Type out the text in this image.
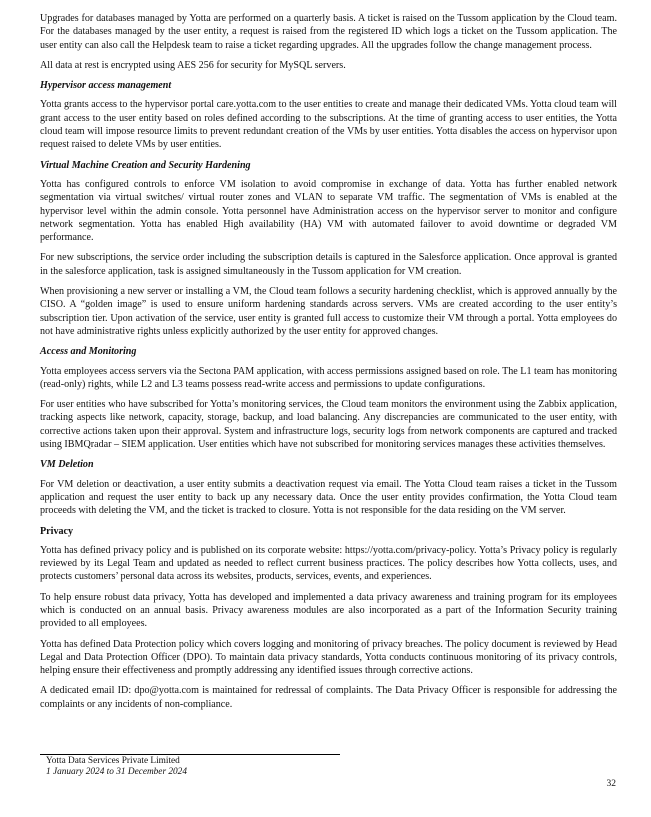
Upgrades for databases managed by Yotta are performed on a quarterly basis. A ticket is raised on the Tussom application by the Cloud team. For the databases managed by the user entity, a request is raised from the registered ID which logs a ticket on the Tussom application. The user entity can also call the Helpdesk team to raise a ticket regarding upgrades. All the upgrades follow the change management process.

All data at rest is encrypted using AES 256 for security for MySQL servers.

Hypervisor access management

Yotta grants access to the hypervisor portal care.yotta.com to the user entities to create and manage their dedicated VMs. Yotta cloud team will grant access to the user entity based on roles defined according to the subscriptions. At the time of granting access to user entities, the Yotta cloud team will impose resource limits to prevent redundant creation of the VMs by user entities. Yotta disables the access on hypervisor upon request raised to delete VMs by user entities.

Virtual Machine Creation and Security Hardening

Yotta has configured controls to enforce VM isolation to avoid compromise in exchange of data. Yotta has further enabled network segmentation via virtual switches/ virtual router zones and VLAN to separate VM traffic. The segmentation of VMs is enabled at the hypervisor level within the admin console. Yotta personnel have Administration access on the hypervisor server to monitor and configure network segmentation. Yotta has enabled High availability (HA) VM with automated failover to avoid downtime or degraded VM performance.

For new subscriptions, the service order including the subscription details is captured in the Salesforce application. Once approval is granted in the salesforce application, task is assigned simultaneously in the Tussom application for VM creation.

When provisioning a new server or installing a VM, the Cloud team follows a security hardening checklist, which is approved annually by the CISO. A “golden image” is used to ensure uniform hardening standards across servers. VMs are created according to the user entity’s subscription tier. Upon activation of the service, user entity is granted full access to customize their VM through a portal. Yotta employees do not have administrative rights unless explicitly authorized by the user entity for approved changes.

Access and Monitoring

Yotta employees access servers via the Sectona PAM application, with access permissions assigned based on role. The L1 team has monitoring (read-only) rights, while L2 and L3 teams possess read-write access and permissions to update configurations.

For user entities who have subscribed for Yotta’s monitoring services, the Cloud team monitors the environment using the Zabbix application, tracking aspects like network, capacity, storage, backup, and load balancing. Any discrepancies are communicated to the user entity, with corrective actions taken upon their approval. System and infrastructure logs, security logs from network components are captured and tracked using IBMQradar – SIEM application. User entities which have not subscribed for monitoring services manages these activities themselves.

VM Deletion

For VM deletion or deactivation, a user entity submits a deactivation request via email. The Yotta Cloud team raises a ticket in the Tussom application and request the user entity to back up any necessary data. Once the user entity provides confirmation, the Yotta Cloud team proceeds with deleting the VM, and the ticket is tracked to closure. Yotta is not responsible for the data residing on the VM server.

Privacy

Yotta has defined privacy policy and is published on its corporate website: https://yotta.com/privacy-policy. Yotta’s Privacy policy is regularly reviewed by its Legal Team and updated as needed to reflect current business practices. The policy describes how Yotta collects, uses, and protects customers’ personal data across its websites, products, services, events, and experiences.

To help ensure robust data privacy, Yotta has developed and implemented a data privacy awareness and training program for its employees which is conducted on an annual basis. Privacy awareness modules are also incorporated as a part of the Information Security training provided to all employees.

Yotta has defined Data Protection policy which covers logging and monitoring of privacy breaches. The policy document is reviewed by Head Legal and Data Protection Officer (DPO). To maintain data privacy standards, Yotta conducts continuous monitoring of its privacy controls, helping ensure their effectiveness and promptly addressing any identified issues through corrective actions.

A dedicated email ID: dpo@yotta.com is maintained for redressal of complaints. The Data Privacy Officer is responsible for addressing the complaints or any incidents of non-compliance.

Yotta Data Services Private Limited
1 January 2024 to 31 December 2024
32
